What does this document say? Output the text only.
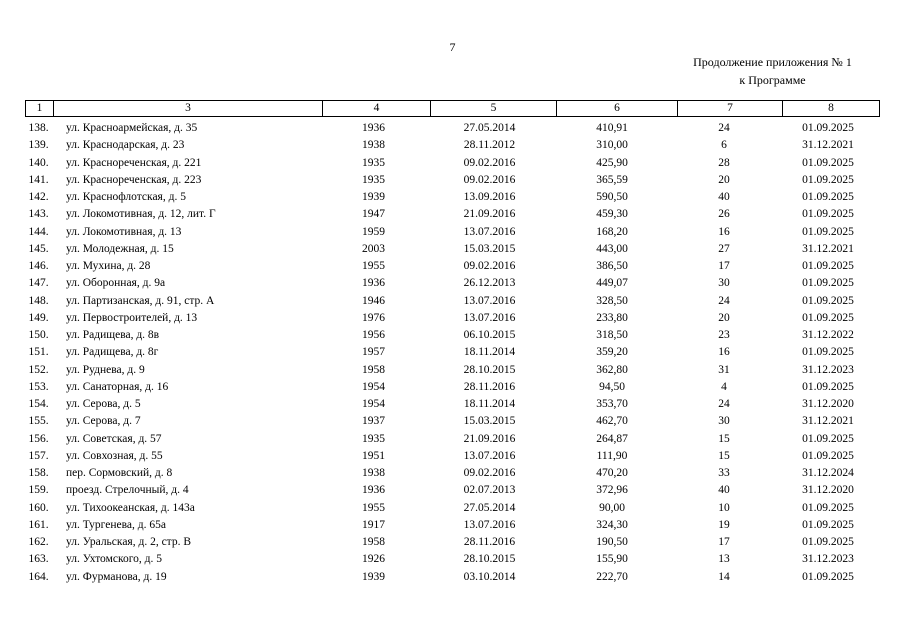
7
Продолжение приложения № 1
к Программе
1	3	4	5	6	7	8
138.	ул. Красноармейская, д. 35	1936	27.05.2014	410,91	24	01.09.2025
139.	ул. Краснодарская, д. 23	1938	28.11.2012	310,00	6	31.12.2021
140.	ул. Краснореченская, д. 221	1935	09.02.2016	425,90	28	01.09.2025
141.	ул. Краснореченская, д. 223	1935	09.02.2016	365,59	20	01.09.2025
142.	ул. Краснофлотская, д. 5	1939	13.09.2016	590,50	40	01.09.2025
143.	ул. Локомотивная, д. 12, лит. Г	1947	21.09.2016	459,30	26	01.09.2025
144.	ул. Локомотивная, д. 13	1959	13.07.2016	168,20	16	01.09.2025
145.	ул. Молодежная, д. 15	2003	15.03.2015	443,00	27	31.12.2021
146.	ул. Мухина, д. 28	1955	09.02.2016	386,50	17	01.09.2025
147.	ул. Оборонная, д. 9а	1936	26.12.2013	449,07	30	01.09.2025
148.	ул. Партизанская, д. 91, стр. А	1946	13.07.2016	328,50	24	01.09.2025
149.	ул. Первостроителей, д. 13	1976	13.07.2016	233,80	20	01.09.2025
150.	ул. Радищева, д. 8в	1956	06.10.2015	318,50	23	31.12.2022
151.	ул. Радищева, д. 8г	1957	18.11.2014	359,20	16	01.09.2025
152.	ул. Руднева, д. 9	1958	28.10.2015	362,80	31	31.12.2023
153.	ул. Санаторная, д. 16	1954	28.11.2016	94,50	4	01.09.2025
154.	ул. Серова, д. 5	1954	18.11.2014	353,70	24	31.12.2020
155.	ул. Серова, д. 7	1937	15.03.2015	462,70	30	31.12.2021
156.	ул. Советская, д. 57	1935	21.09.2016	264,87	15	01.09.2025
157.	ул. Совхозная, д. 55	1951	13.07.2016	111,90	15	01.09.2025
158.	пер. Сормовский, д. 8	1938	09.02.2016	470,20	33	31.12.2024
159.	проезд. Стрелочный, д. 4	1936	02.07.2013	372,96	40	31.12.2020
160.	ул. Тихоокеанская, д. 143а	1955	27.05.2014	90,00	10	01.09.2025
161.	ул. Тургенева, д. 65а	1917	13.07.2016	324,30	19	01.09.2025
162.	ул. Уральская, д. 2, стр. В	1958	28.11.2016	190,50	17	01.09.2025
163.	ул. Ухтомского, д. 5	1926	28.10.2015	155,90	13	31.12.2023
164.	ул. Фурманова, д. 19	1939	03.10.2014	222,70	14	01.09.2025
